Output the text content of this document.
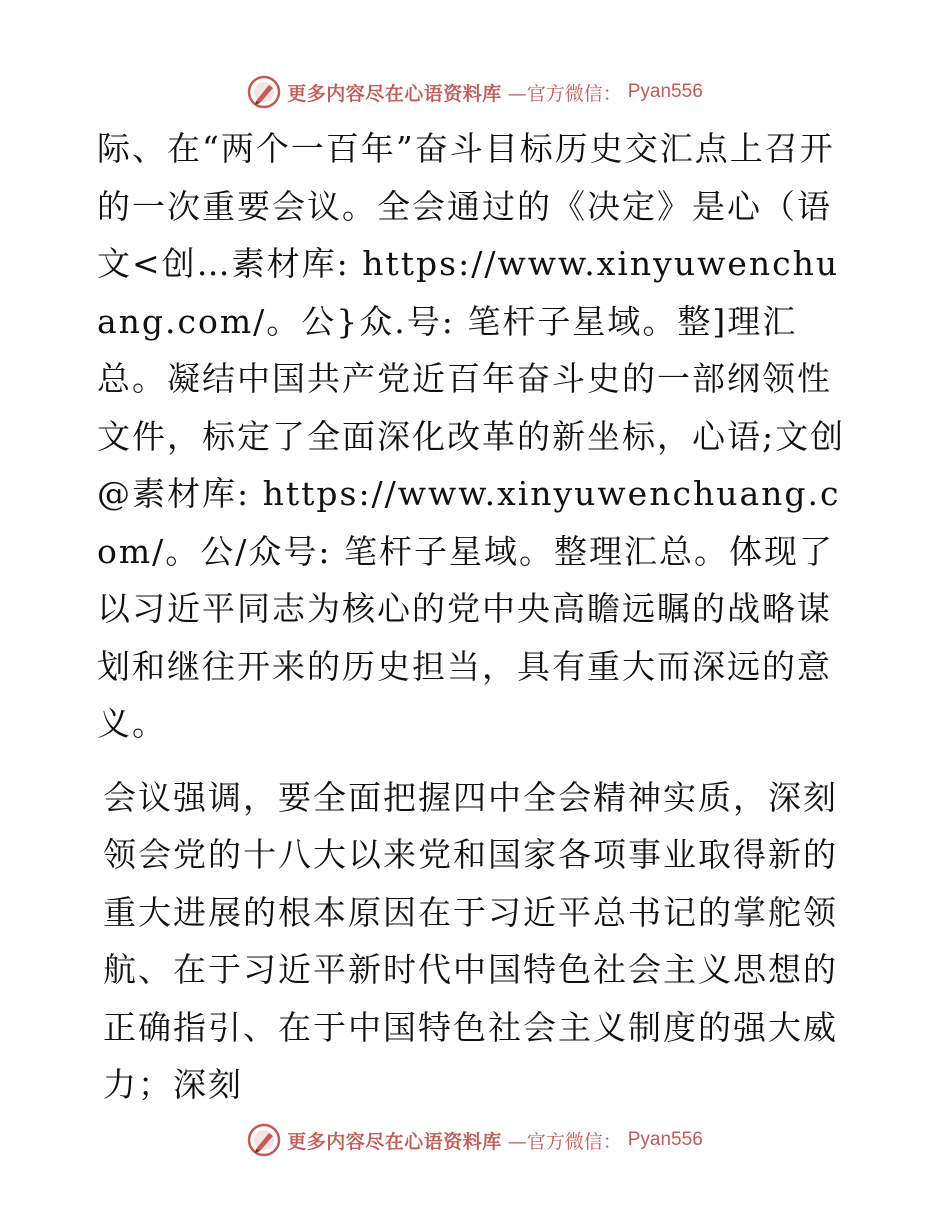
更多内容尽在心语资料库 —官方微信： Pyan556

际、在“两个一百年”奋斗目标历史交汇点上召开的一次重要会议。全会通过的《决定》是心（语文<创…素材库: https://www.xinyuwenchuang.com/。公}众.号: 笔杆子星域。整]理汇总。凝结中国共产党近百年奋斗史的一部纲领性文件，标定了全面深化改革的新坐标，心语;文创@素材库: https://www.xinyuwenchuang.com/。公/众号: 笔杆子星域。整理汇总。体现了以习近平同志为核心的党中央高瞻远瞩的战略谋划和继往开来的历史担当，具有重大而深远的意义。

会议强调，要全面把握四中全会精神实质，深刻领会党的十八大以来党和国家各项事业取得新的重大进展的根本原因在于习近平总书记的掌舵领航、在于习近平新时代中国特色社会主义思想的正确指引、在于中国特色社会主义制度的强大威力；深刻

更多内容尽在心语资料库 —官方微信： Pyan556
